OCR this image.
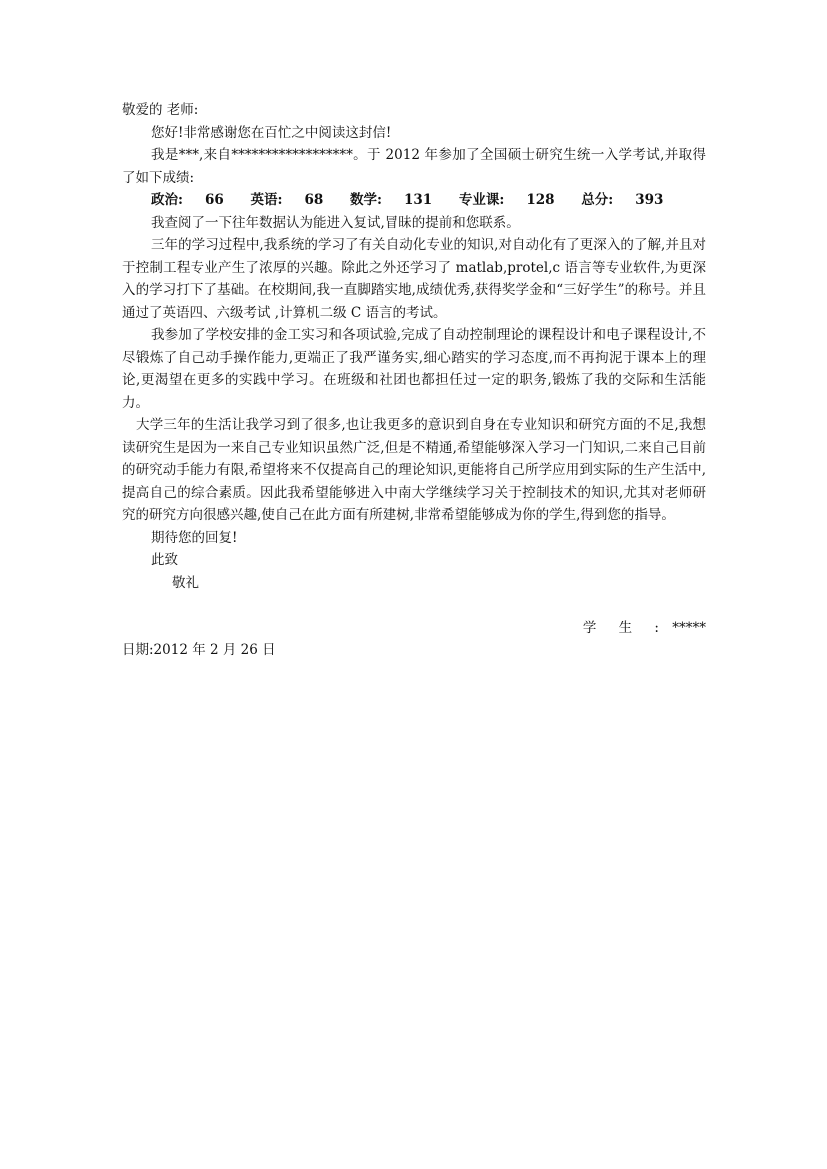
敬爱的 老师:
您好!非常感谢您在百忙之中阅读这封信!
我是***,来自******************。于 2012 年参加了全国硕士研究生统一入学考试,并取得了如下成绩:
政治: 66 英语: 68 数学: 131 专业课: 128 总分: 393
我查阅了一下往年数据认为能进入复试,冒昧的提前和您联系。
三年的学习过程中,我系统的学习了有关自动化专业的知识,对自动化有了更深入的了解,并且对于控制工程专业产生了浓厚的兴趣。除此之外还学习了 matlab,protel,c 语言等专业软件,为更深入的学习打下了基础。在校期间,我一直脚踏实地,成绩优秀,获得奖学金和“三好学生”的称号。并且通过了英语四、六级考试 ,计算机二级 C 语言的考试。
我参加了学校安排的金工实习和各项试验,完成了自动控制理论的课程设计和电子课程设计,不尽锻炼了自己动手操作能力,更端正了我严谨务实,细心踏实的学习态度,而不再拘泥于课本上的理论,更渴望在更多的实践中学习。在班级和社团也都担任过一定的职务,锻炼了我的交际和生活能力。
大学三年的生活让我学习到了很多,也让我更多的意识到自身在专业知识和研究方面的不足,我想读研究生是因为一来自己专业知识虽然广泛,但是不精通,希望能够深入学习一门知识,二来自己目前的研究动手能力有限,希望将来不仅提高自己的理论知识,更能将自己所学应用到实际的生产生活中,提高自己的综合素质。因此我希望能够进入中南大学继续学习关于控制技术的知识,尤其对老师研究的研究方向很感兴趣,使自己在此方面有所建树,非常希望能够成为你的学生,得到您的指导。
期待您的回复!
此致
敬礼
学 生 : *****
日期:2012 年 2 月 26 日
